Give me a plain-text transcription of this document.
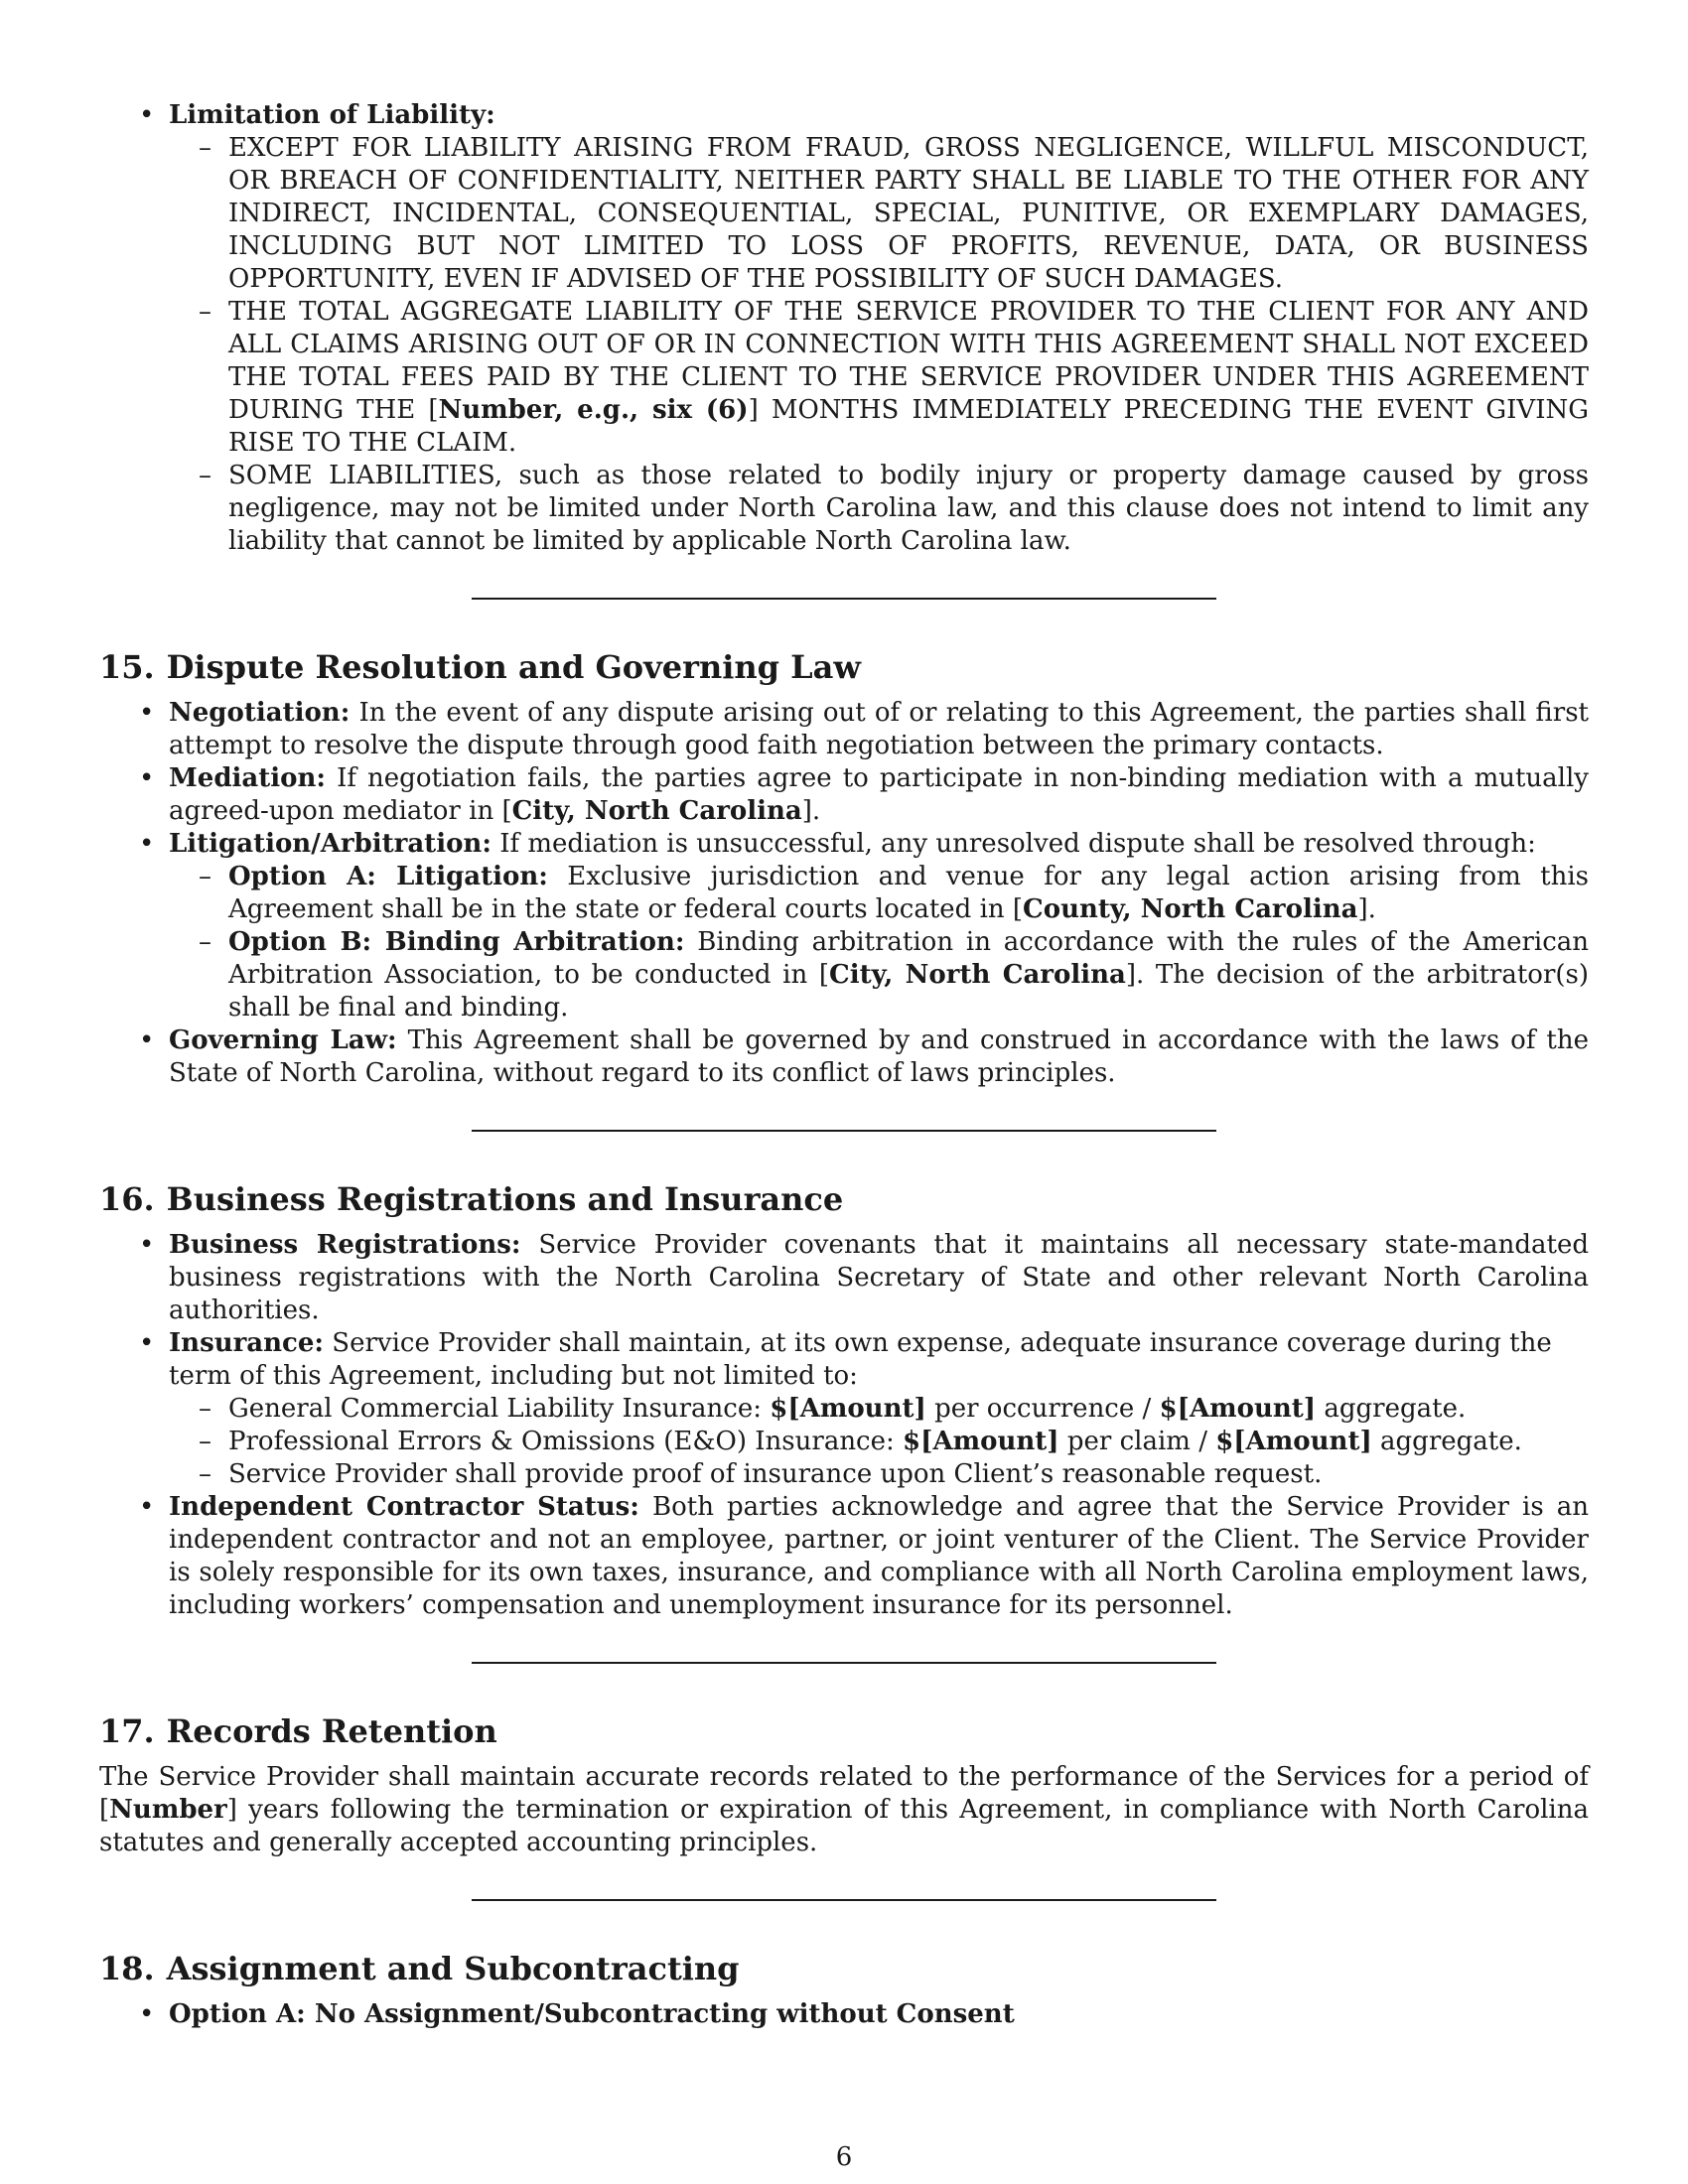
• Limitation of Liability:
– EXCEPT FOR LIABILITY ARISING FROM FRAUD, GROSS NEGLIGENCE, WILLFUL MISCONDUCT, OR BREACH OF CONFIDENTIALITY, NEITHER PARTY SHALL BE LIABLE TO THE OTHER FOR ANY INDIRECT, INCIDENTAL, CONSEQUENTIAL, SPECIAL, PUNITIVE, OR EXEMPLARY DAMAGES, INCLUDING BUT NOT LIMITED TO LOSS OF PROFITS, REVENUE, DATA, OR BUSINESS OPPORTUNITY, EVEN IF ADVISED OF THE POSSIBILITY OF SUCH DAMAGES.
– THE TOTAL AGGREGATE LIABILITY OF THE SERVICE PROVIDER TO THE CLIENT FOR ANY AND ALL CLAIMS ARISING OUT OF OR IN CONNECTION WITH THIS AGREEMENT SHALL NOT EXCEED THE TOTAL FEES PAID BY THE CLIENT TO THE SERVICE PROVIDER UNDER THIS AGREEMENT DURING THE [Number, e.g., six (6)] MONTHS IMMEDIATELY PRECEDING THE EVENT GIVING RISE TO THE CLAIM.
– SOME LIABILITIES, such as those related to bodily injury or property damage caused by gross negligence, may not be limited under North Carolina law, and this clause does not intend to limit any liability that cannot be limited by applicable North Carolina law.
15. Dispute Resolution and Governing Law
• Negotiation: In the event of any dispute arising out of or relating to this Agreement, the parties shall first attempt to resolve the dispute through good faith negotiation between the primary contacts.
• Mediation: If negotiation fails, the parties agree to participate in non-binding mediation with a mutually agreed-upon mediator in [City, North Carolina].
• Litigation/Arbitration: If mediation is unsuccessful, any unresolved dispute shall be resolved through:
– Option A: Litigation: Exclusive jurisdiction and venue for any legal action arising from this Agreement shall be in the state or federal courts located in [County, North Carolina].
– Option B: Binding Arbitration: Binding arbitration in accordance with the rules of the American Arbitration Association, to be conducted in [City, North Carolina]. The decision of the arbitrator(s) shall be final and binding.
• Governing Law: This Agreement shall be governed by and construed in accordance with the laws of the State of North Carolina, without regard to its conflict of laws principles.
16. Business Registrations and Insurance
• Business Registrations: Service Provider covenants that it maintains all necessary state-mandated business registrations with the North Carolina Secretary of State and other relevant North Carolina authorities.
• Insurance: Service Provider shall maintain, at its own expense, adequate insurance coverage during the term of this Agreement, including but not limited to:
– General Commercial Liability Insurance: $[Amount] per occurrence / $[Amount] aggregate.
– Professional Errors & Omissions (E&O) Insurance: $[Amount] per claim / $[Amount] aggregate.
– Service Provider shall provide proof of insurance upon Client’s reasonable request.
• Independent Contractor Status: Both parties acknowledge and agree that the Service Provider is an independent contractor and not an employee, partner, or joint venturer of the Client. The Service Provider is solely responsible for its own taxes, insurance, and compliance with all North Carolina employment laws, including workers’ compensation and unemployment insurance for its personnel.
17. Records Retention

The Service Provider shall maintain accurate records related to the performance of the Services for a period of [Number] years following the termination or expiration of this Agreement, in compliance with North Carolina statutes and generally accepted accounting principles.

18. Assignment and Subcontracting
• Option A: No Assignment/Subcontracting without Consent
6
